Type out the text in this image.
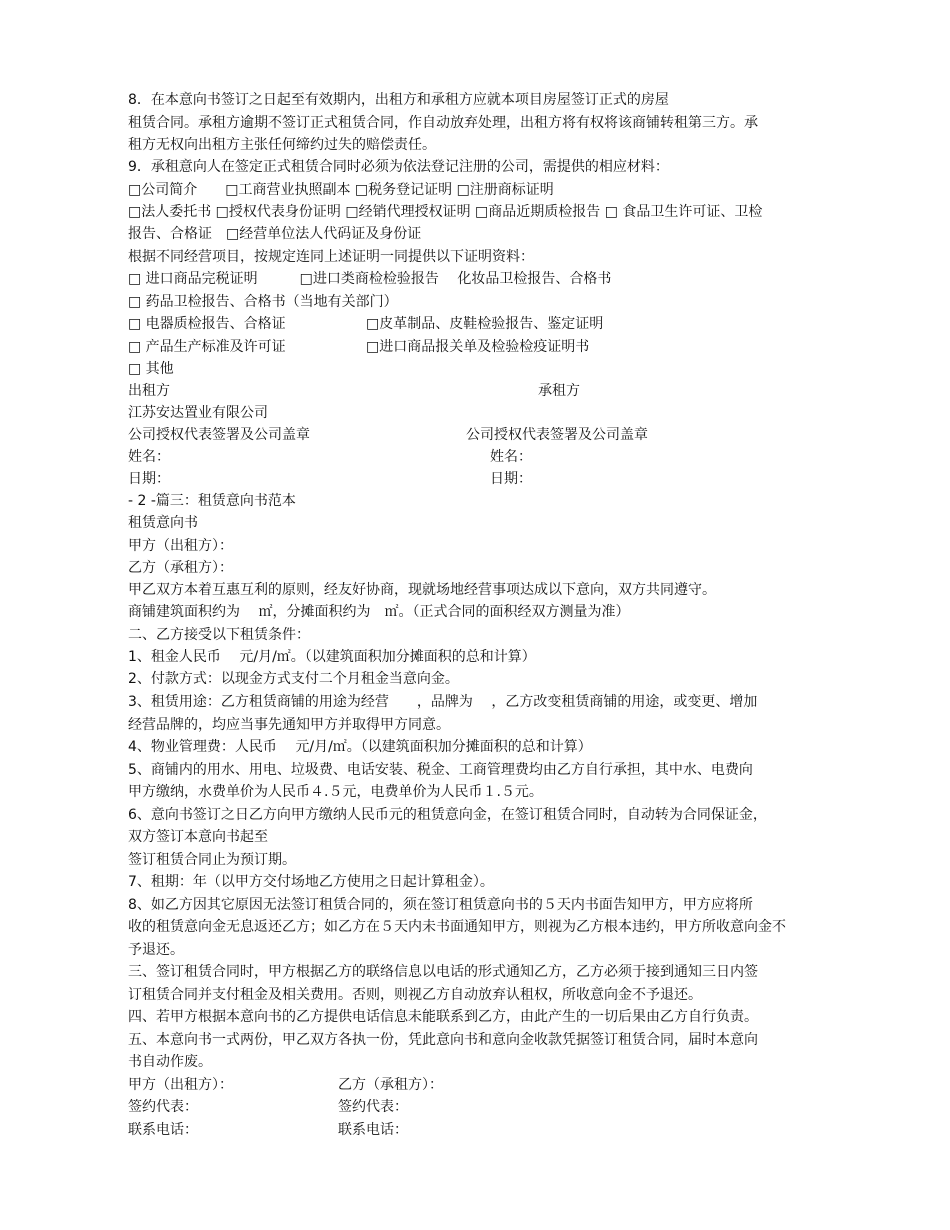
8．在本意向书签订之日起至有效期内，出租方和承租方应就本项目房屋签订正式的房屋
租赁合同。承租方逾期不签订正式租赁合同，作自动放弃处理，出租方将有权将该商铺转租第三方。承
租方无权向出租方主张任何缔约过失的赔偿责任。
9．承租意向人在签定正式租赁合同时必须为依法登记注册的公司，需提供的相应材料：
□公司简介　　□工商营业执照副本 □税务登记证明 □注册商标证明
□法人委托书 □授权代表身份证明 □经销代理授权证明 □商品近期质检报告 □ 食品卫生许可证、卫检
报告、合格证　□经营单位法人代码证及身份证
根据不同经营项目，按规定连同上述证明一同提供以下证明资料：
□ 进口商品完税证明　　　□进口类商检检验报告　 化妆品卫检报告、合格书
□ 药品卫检报告、合格书（当地有关部门）
□ 电器质检报告、合格证	□皮革制品、皮鞋检验报告、鉴定证明
□ 产品生产标准及许可证	□进口商品报关单及检验检疫证明书
□ 其他
出租方	承租方
江苏安达置业有限公司
公司授权代表签署及公司盖章	公司授权代表签署及公司盖章
姓名：	姓名：
日期：	日期：
- 2 -篇三：租赁意向书范本
租赁意向书
甲方（出租方）：
乙方（承租方）：
甲乙双方本着互惠互利的原则，经友好协商，现就场地经营事项达成以下意向，双方共同遵守。
商铺建筑面积约为　 ㎡，分摊面积约为　㎡。（正式合同的面积经双方测量为准）
二、乙方接受以下租赁条件：
1、租金人民币　 元/月/㎡。（以建筑面积加分摊面积的总和计算）
2、付款方式：以现金方式支付二个月租金当意向金。
3、租赁用途：乙方租赁商铺的用途为经营　　，品牌为　 ，乙方改变租赁商铺的用途，或变更、增加
经营品牌的，均应当事先通知甲方并取得甲方同意。
4、物业管理费：人民币　 元/月/㎡。（以建筑面积加分摊面积的总和计算）
5、商铺内的用水、用电、垃圾费、电话安装、税金、工商管理费均由乙方自行承担，其中水、电费向
甲方缴纳，水费单价为人民币４.５元，电费单价为人民币１.５元。
6、意向书签订之日乙方向甲方缴纳人民币元的租赁意向金，在签订租赁合同时，自动转为合同保证金，
双方签订本意向书起至
签订租赁合同止为预订期。
7、租期：年（以甲方交付场地乙方使用之日起计算租金）。
8、如乙方因其它原因无法签订租赁合同的，须在签订租赁意向书的５天内书面告知甲方，甲方应将所
收的租赁意向金无息返还乙方；如乙方在５天内未书面通知甲方，则视为乙方根本违约，甲方所收意向金不
予退还。
三、签订租赁合同时，甲方根据乙方的联络信息以电话的形式通知乙方，乙方必须于接到通知三日内签
订租赁合同并支付租金及相关费用。否则，则视乙方自动放弃认租权，所收意向金不予退还。
四、若甲方根据本意向书的乙方提供电话信息未能联系到乙方，由此产生的一切后果由乙方自行负责。
五、本意向书一式两份，甲乙双方各执一份，凭此意向书和意向金收款凭据签订租赁合同，届时本意向
书自动作废。
甲方（出租方）：	乙方（承租方）：
签约代表：	签约代表：
联系电话：	联系电话：
